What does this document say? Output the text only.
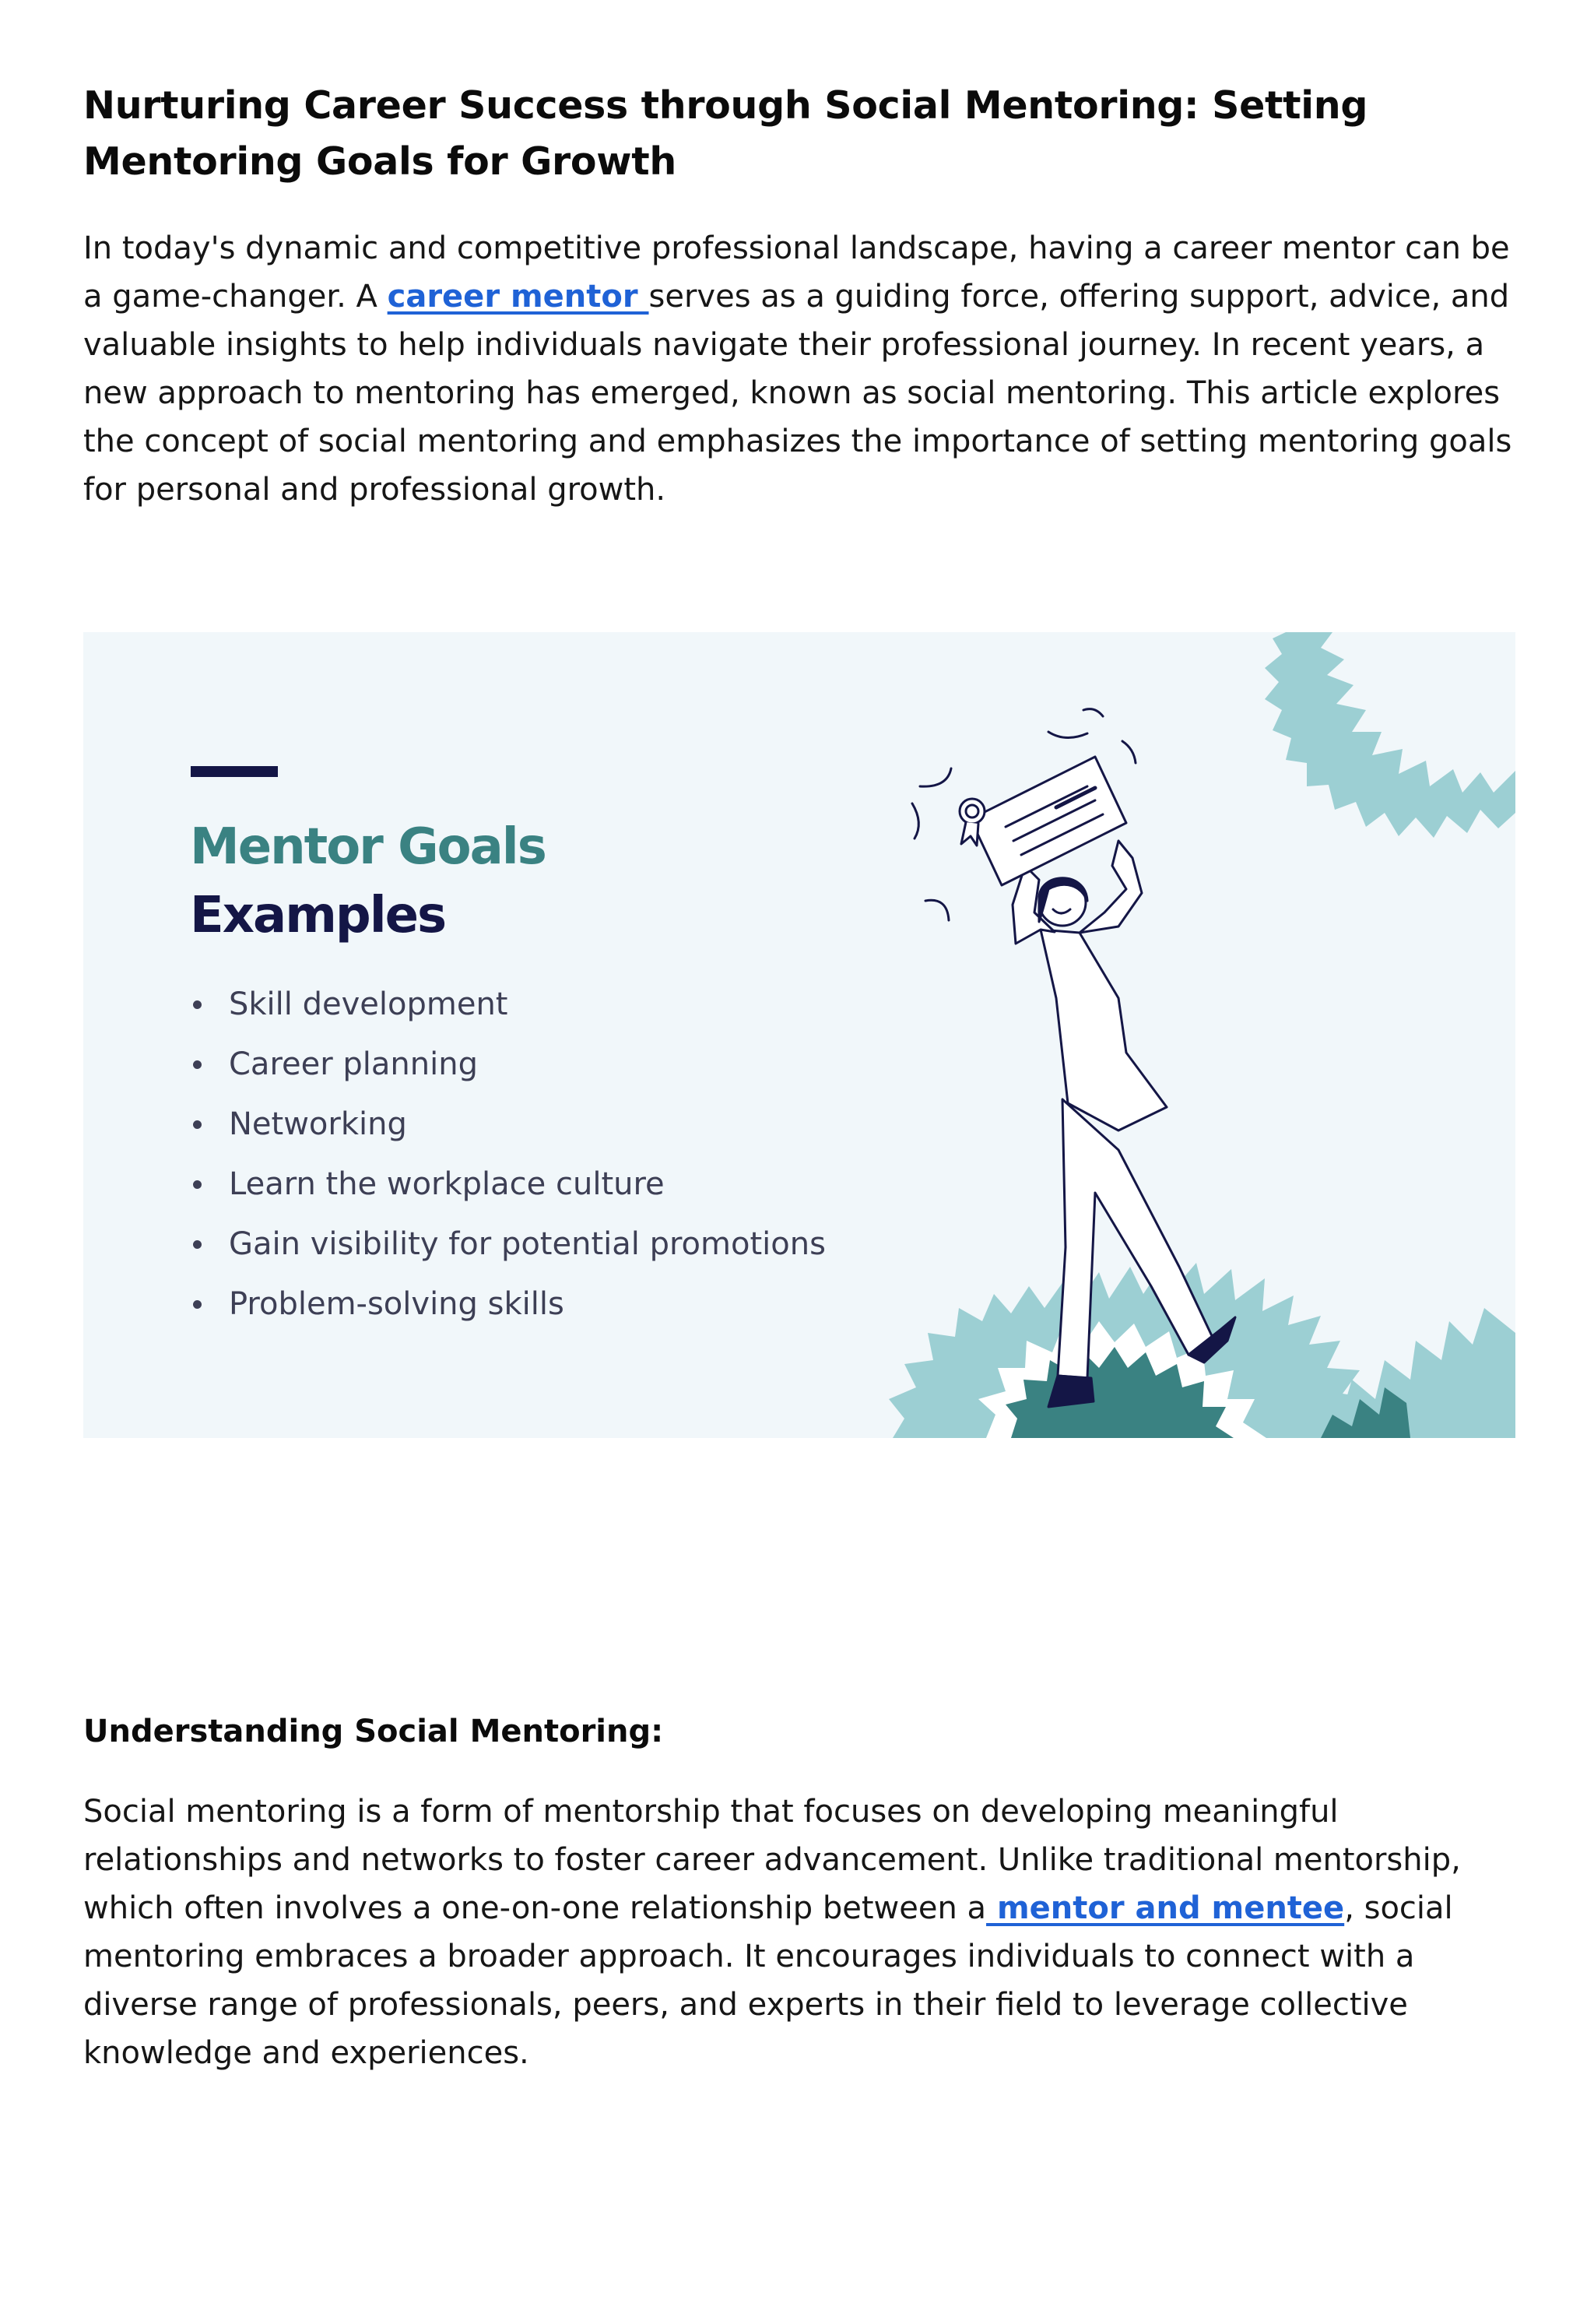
Nurturing Career Success through Social Mentoring: Setting Mentoring Goals for Growth

In today's dynamic and competitive professional landscape, having a career mentor can be a game-changer. A career mentor serves as a guiding force, offering support, advice, and valuable insights to help individuals navigate their professional journey. In recent years, a new approach to mentoring has emerged, known as social mentoring. This article explores the concept of social mentoring and emphasizes the importance of setting mentoring goals for personal and professional growth.

Mentor Goals
Examples
Skill development
Career planning
Networking
Learn the workplace culture
Gain visibility for potential promotions
Problem-solving skills
Understanding Social Mentoring:

Social mentoring is a form of mentorship that focuses on developing meaningful relationships and networks to foster career advancement. Unlike traditional mentorship, which often involves a one-on-one relationship between a mentor and mentee, social mentoring embraces a broader approach. It encourages individuals to connect with a diverse range of professionals, peers, and experts in their field to leverage collective knowledge and experiences.
